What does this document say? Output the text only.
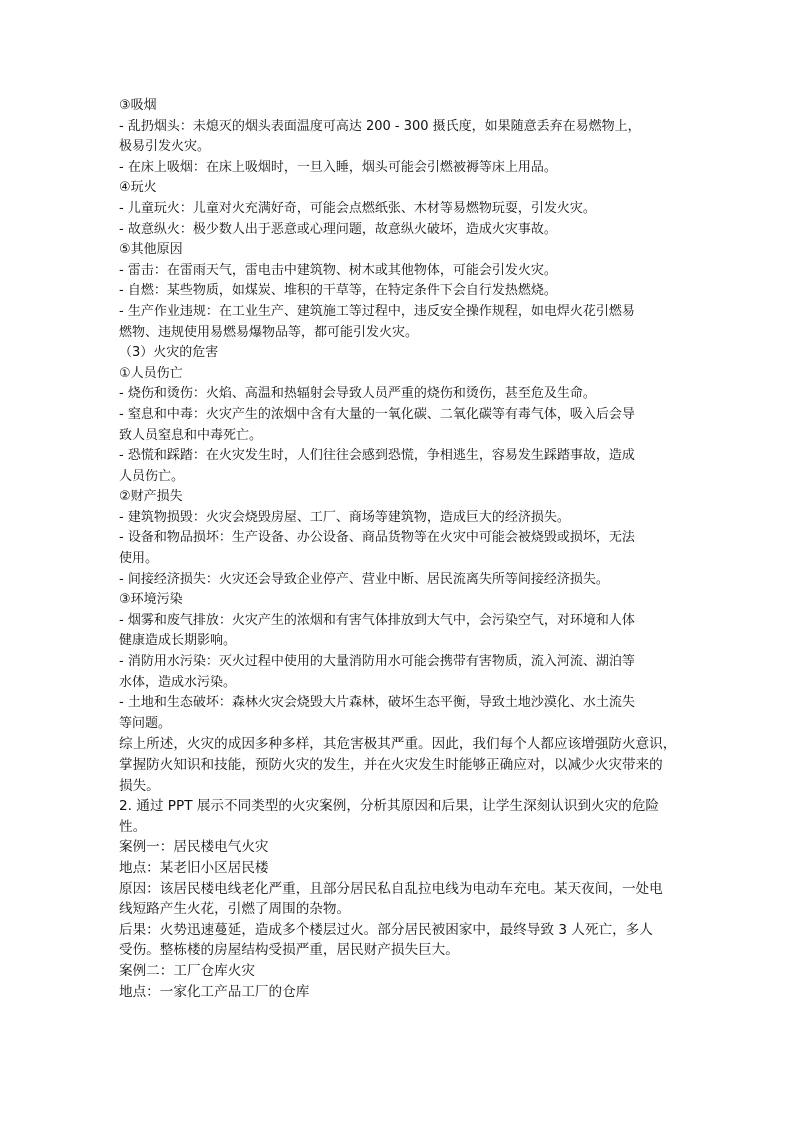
③吸烟
- 乱扔烟头：未熄灭的烟头表面温度可高达 200 - 300 摄氏度，如果随意丢弃在易燃物上，
极易引发火灾。
- 在床上吸烟：在床上吸烟时，一旦入睡，烟头可能会引燃被褥等床上用品。
④玩火
- 儿童玩火：儿童对火充满好奇，可能会点燃纸张、木材等易燃物玩耍，引发火灾。
- 故意纵火：极少数人出于恶意或心理问题，故意纵火破坏，造成火灾事故。
⑤其他原因
- 雷击：在雷雨天气，雷电击中建筑物、树木或其他物体，可能会引发火灾。
- 自燃：某些物质，如煤炭、堆积的干草等，在特定条件下会自行发热燃烧。
- 生产作业违规：在工业生产、建筑施工等过程中，违反安全操作规程，如电焊火花引燃易
燃物、违规使用易燃易爆物品等，都可能引发火灾。
（3）火灾的危害
①人员伤亡
- 烧伤和烫伤：火焰、高温和热辐射会导致人员严重的烧伤和烫伤，甚至危及生命。
- 窒息和中毒：火灾产生的浓烟中含有大量的一氧化碳、二氧化碳等有毒气体，吸入后会导
致人员窒息和中毒死亡。
- 恐慌和踩踏：在火灾发生时，人们往往会感到恐慌，争相逃生，容易发生踩踏事故，造成
人员伤亡。
②财产损失
- 建筑物损毁：火灾会烧毁房屋、工厂、商场等建筑物，造成巨大的经济损失。
- 设备和物品损坏：生产设备、办公设备、商品货物等在火灾中可能会被烧毁或损坏，无法
使用。
- 间接经济损失：火灾还会导致企业停产、营业中断、居民流离失所等间接经济损失。
③环境污染
- 烟雾和废气排放：火灾产生的浓烟和有害气体排放到大气中，会污染空气，对环境和人体
健康造成长期影响。
- 消防用水污染：灭火过程中使用的大量消防用水可能会携带有害物质，流入河流、湖泊等
水体，造成水污染。
- 土地和生态破坏：森林火灾会烧毁大片森林，破坏生态平衡，导致土地沙漠化、水土流失
等问题。
综上所述，火灾的成因多种多样，其危害极其严重。因此，我们每个人都应该增强防火意识，
掌握防火知识和技能，预防火灾的发生，并在火灾发生时能够正确应对，以减少火灾带来的
损失。
2. 通过 PPT 展示不同类型的火灾案例，分析其原因和后果，让学生深刻认识到火灾的危险
性。
案例一：居民楼电气火灾
地点：某老旧小区居民楼
原因：该居民楼电线老化严重，且部分居民私自乱拉电线为电动车充电。某天夜间，一处电
线短路产生火花，引燃了周围的杂物。
后果：火势迅速蔓延，造成多个楼层过火。部分居民被困家中，最终导致 3 人死亡，多人
受伤。整栋楼的房屋结构受损严重，居民财产损失巨大。
案例二：工厂仓库火灾
地点：一家化工产品工厂的仓库
